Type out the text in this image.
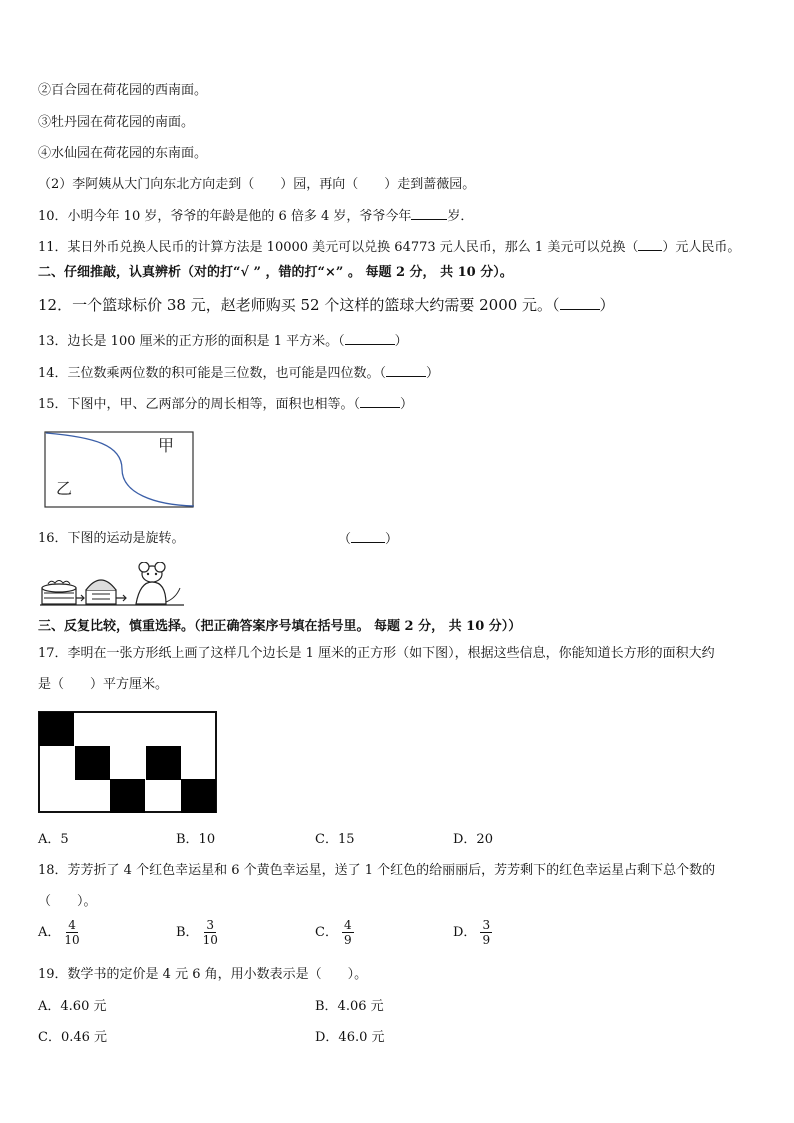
②百合园在荷花园的西南面。
③牡丹园在荷花园的南面。
④水仙园在荷花园的东南面。
（2）李阿姨从大门向东北方向走到（　　）园，再向（　　）走到蔷薇园。
10．小明今年 10 岁，爷爷的年龄是他的 6 倍多 4 岁，爷爷今年	岁．
11．某日外币兑换人民币的计算方法是 10000 美元可以兑换 64773 元人民币，那么 1 美元可以兑换（ ）元人民币。
二、仔细推敲，认真辨析（对的打“√ ” ，错的打“×” 。 每题 2 分， 共 10 分）。
12．一个篮球标价 38 元，赵老师购买 52 个这样的篮球大约需要 2000 元。（	）
13．边长是 100 厘米的正方形的面积是 1 平方米。（	）
14．三位数乘两位数的积可能是三位数，也可能是四位数。（	）
15．下图中，甲、乙两部分的周长相等，面积也相等。（	）
甲
乙
16．下图的运动是旋转。	（	）
三、反复比较，慎重选择。（把正确答案序号填在括号里。 每题 2 分， 共 10 分））
17．李明在一张方形纸上画了这样几个边长是 1 厘米的正方形（如下图），根据这些信息，你能知道长方形的面积大约
是（　　）平方厘米。
A．5	B．10	C．15	D．20
18．芳芳折了 4 个红色幸运星和 6 个黄色幸运星，送了 1 个红色的给丽丽后，芳芳剩下的红色幸运星占剩下总个数的
（　　）。
A． $\frac{4}{10}$	B． $\frac{3}{10}$	C． $\frac{4}{9}$	D． $\frac{3}{9}$
19．数学书的定价是 4 元 6 角，用小数表示是（　　）。
A．4.60 元	B．4.06 元
C．0.46 元	D．46.0 元
